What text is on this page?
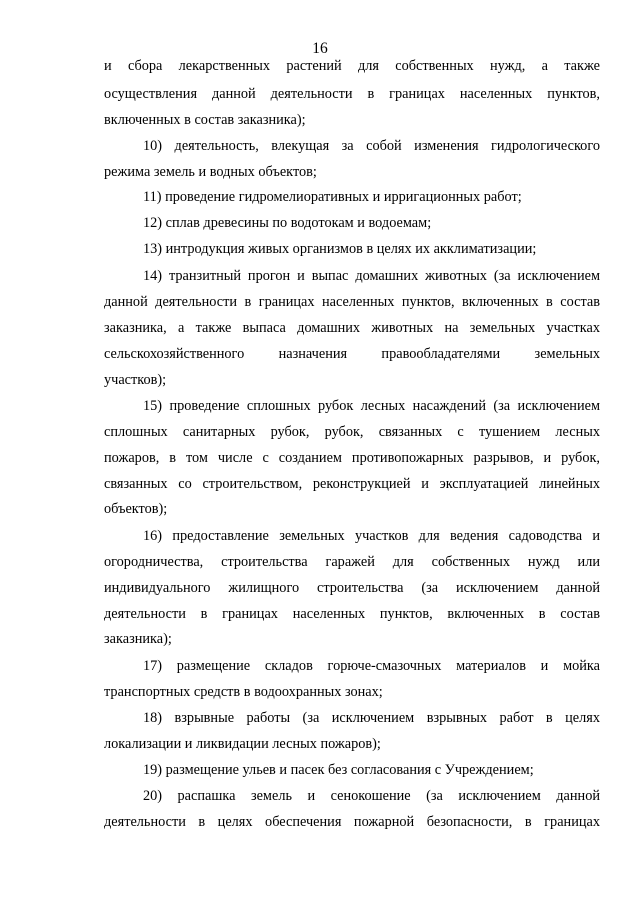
16
и сбора лекарственных растений для собственных нужд, а также
осуществления данной деятельности в границах населенных пунктов,
включенных в состав заказника);
10) деятельность, влекущая за собой изменения гидрологического
режима земель и водных объектов;
11) проведение гидромелиоративных и ирригационных работ;
12) сплав древесины по водотокам и водоемам;
13) интродукция живых организмов в целях их акклиматизации;
14) транзитный прогон и выпас домашних животных (за исключением
данной деятельности в границах населенных пунктов, включенных в состав
заказника, а также выпаса домашних животных на земельных участках
сельскохозяйственного назначения правообладателями земельных
участков);
15) проведение сплошных рубок лесных насаждений (за исключением
сплошных санитарных рубок, рубок, связанных с тушением лесных
пожаров, в том числе с созданием противопожарных разрывов, и рубок,
связанных со строительством, реконструкцией и эксплуатацией линейных
объектов);
16) предоставление земельных участков для ведения садоводства и
огородничества, строительства гаражей для собственных нужд или
индивидуального жилищного строительства (за исключением данной
деятельности в границах населенных пунктов, включенных в состав
заказника);
17) размещение складов горюче-смазочных материалов и мойка
транспортных средств в водоохранных зонах;
18) взрывные работы (за исключением взрывных работ в целях
локализации и ликвидации лесных пожаров);
19) размещение ульев и пасек без согласования с Учреждением;
20) распашка земель и сенокошение (за исключением данной
деятельности в целях обеспечения пожарной безопасности, в границах
